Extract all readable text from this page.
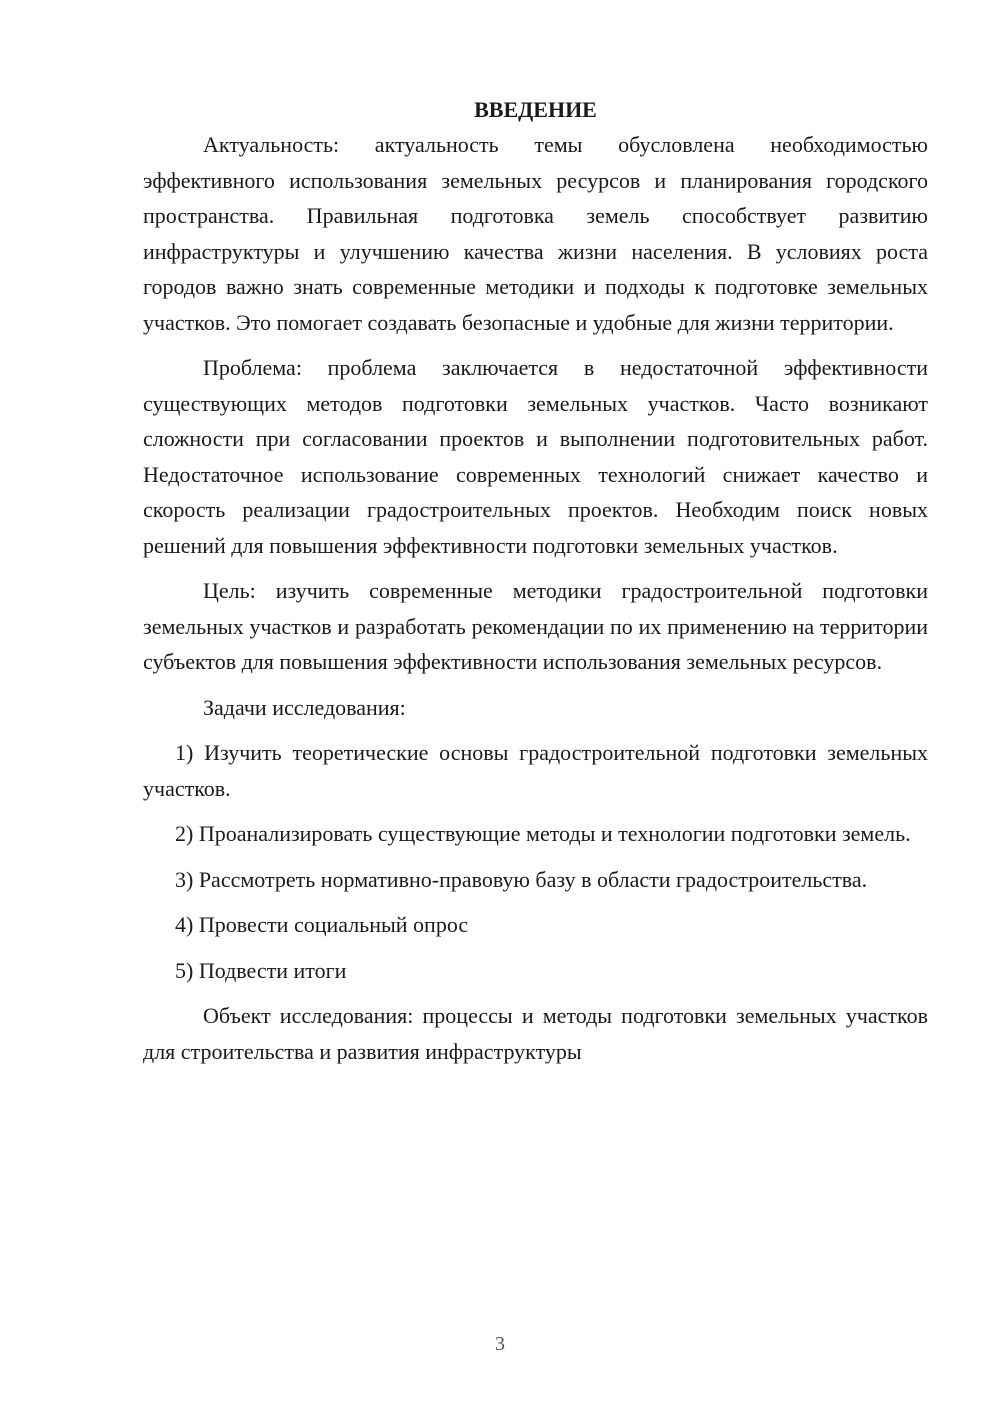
ВВЕДЕНИЕ

Актуальность: актуальность темы обусловлена необходимостью эффективного использования земельных ресурсов и планирования городского пространства. Правильная подготовка земель способствует развитию инфраструктуры и улучшению качества жизни населения. В условиях роста городов важно знать современные методики и подходы к подготовке земельных участков. Это помогает создавать безопасные и удобные для жизни территории.

Проблема: проблема заключается в недостаточной эффективности существующих методов подготовки земельных участков. Часто возникают сложности при согласовании проектов и выполнении подготовительных работ. Недостаточное использование современных технологий снижает качество и скорость реализации градостроительных проектов. Необходим поиск новых решений для повышения эффективности подготовки земельных участков.

Цель: изучить современные методики градостроительной подготовки земельных участков и разработать рекомендации по их применению на территории субъектов для повышения эффективности использования земельных ресурсов.

Задачи исследования:

1) Изучить теоретические основы градостроительной подготовки земельных участков.

2) Проанализировать существующие методы и технологии подготовки земель.

3) Рассмотреть нормативно-правовую базу в области градостроительства.

4) Провести социальный опрос

5) Подвести итоги

Объект исследования: процессы и методы подготовки земельных участков для строительства и развития инфраструктуры

3
